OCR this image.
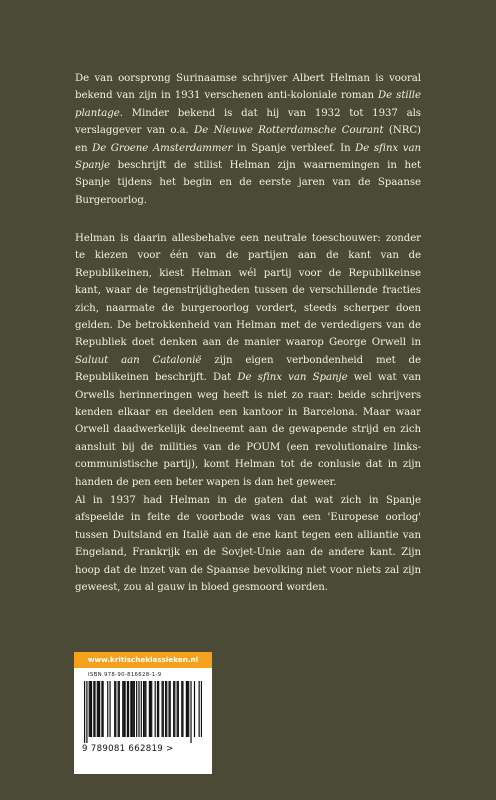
De van oorsprong Surinaamse schrijver Albert Helman is vooral bekend van zijn in 1931 verschenen anti-koloniale roman De stille plantage. Minder bekend is dat hij van 1932 tot 1937 als verslaggever van o.a. De Nieuwe Rotterdamsche Courant (NRC) en De Groene Amsterdammer in Spanje verbleef. In De sfinx van Spanje beschrijft de stilist Helman zijn waarnemingen in het Spanje tijdens het begin en de eerste jaren van de Spaanse Burgeroorlog.
Helman is daarin allesbehalve een neutrale toeschouwer: zonder te kiezen voor één van de partijen aan de kant van de Republikeinen, kiest Helman wél partij voor de Republikeinse kant, waar de tegenstrijdigheden tussen de verschillende fracties zich, naarmate de burgeroorlog vordert, steeds scherper doen gelden. De betrokkenheid van Helman met de verdedigers van de Republiek doet denken aan de manier waarop George Orwell in Saluut aan Catalonië zijn eigen verbondenheid met de Republikeinen beschrijft. Dat De sfinx van Spanje wel wat van Orwells herinneringen weg heeft is niet zo raar: beide schrijvers kenden elkaar en deelden een kantoor in Barcelona. Maar waar Orwell daadwerkelijk deelneemt aan de gewapende strijd en zich aansluit bij de milities van de POUM (een revolutionaire links-communistische partij), komt Helman tot de conlusie dat in zijn handen de pen een beter wapen is dan het geweer.
Al in 1937 had Helman in de gaten dat wat zich in Spanje afspeelde in feite de voorbode was van een 'Europese oorlog' tussen Duitsland en Italië aan de ene kant tegen een alliantie van Engeland, Frankrijk en de Sovjet-Unie aan de andere kant. Zijn hoop dat de inzet van de Spaanse bevolking niet voor niets zal zijn geweest, zou al gauw in bloed gesmoord worden.
www.kritischeklassieken.nl
ISBN 978-90-816628-1-9
9 789081 662819 >
